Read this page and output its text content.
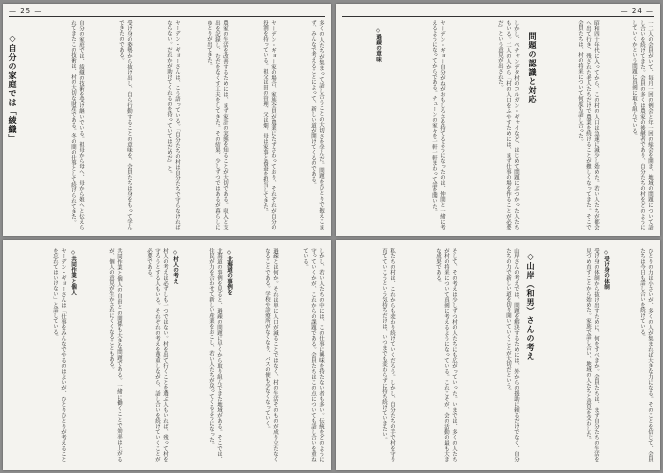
— 25 —
多くの人たちが集まって話し合うことの大切さを学んだ。問題をひとりで抱えこまず、みんなで考えることによって、新しい道が開けてくるのである。
ヤーデン・ギョー家の場合、家族全員が農業にたずさわっており、それぞれが自分の役割を持っている。祖父は田の管理、父は畑、母は家事と養蚕を担当してきた。
農家の生活を改善するためには、まず家計の実態を知ることが大切である。収入と支出を記録し、むだをなくす工夫をしてきた。その結果、少しずつではあるが暮らしにゆとりが出てきた。
ヤーデン・ギョーさんは、こう語っている。「自分たちの村は自分たちで守らなければならない。だれかが助けてくれるのを待っていてはだめだ」と。
受け身の姿勢から抜け出し、自ら行動することの意味を、会員たちは身をもって学んできたのである。
自分の家庭では、綾織の技術を受け継いでいる。祖母から母へ、母から娘へと伝えられてきたこの技術は、村の大切な財産である。冬の間の仕事として続けられてきた。
◇自分の家庭では「綾織」
— 24 —
一二人の会員がいて、毎月一回の例会と年一回の総会を開き、地域の問題について話し合いを続けてきた。会員の多くは農家の後継者であり、自分たちの村をどのようにしていくかという問題に真剣に取り組んでいる。
昭和四十年代に入ってから、この村の人口は急速に減少し始めた。若い人たちが都会へ出て行き、残された老人たちだけで農業を続けることが難しくなってきた。そこで会員たちは、村の将来について何度も話し合った。
問題の認識と対応
しかし、ペチャンデタ村のコルガン・ギャイなど、はじめて問題にぶつかった人たちもいる。二人の人から「村の人口をふやすためには、まず仕事の場を作ることが必要だ」という意見が出された。
ヤーデン・ギョー自分がねがおもしろさを持てるようになったのは、仲間と一緒に考えるようになってからである。チューンの家々を一軒一軒まわって話を聞いた。
◇過疎の意味
しかし、若い人たちの中には、この仕事に興味を持たない者も多い。伝統をどのように守っていくかが、これからの課題である。会員たちはこの点についても話し合いを重ねている。
過疎とは何か。それは単に人口が減ることではなく、村の生活そのものが成り立たなくなることである。学校や診療所がなくなり、バスの便も少なくなっていく。
◇北海道の事例を
北海道の事例を見ると、過疎の問題に早くから取り組んできた地域がある。そこでは、住民が力を合わせて新しい産業をおこし、若い人たちが戻ってくるようになった。
◇村人の考え
村人の考えは必ずしも一つではない。村を出て行くことを選ぶ人もいれば、残って村を守ろうとする人もいる。それぞれの考えを尊重しながら、話し合いを続けていくことが必要である。
共同作業と個人の自由との関係も大きな問題である。一緒に働くことで効率は上がるが、個人の意見が生かされにくくなることもある。
◇共同作業と個人
ヤーデン・ギョーさんは「仕事をみんなでやるのはよいが、ひとりひとりが考えることを忘れてはいけない」と話している。	ひとりの力は小さいが、多くの人が集まれば大きな力になる。そのことを信じて、会員たちは今日も話し合いを続けている。
◇受け身の体制
受け身の体制から抜け出すために、何をすべきか。会員たちは、まず自分たちの生活を見つめ直すことから始めた。家族で話し合い、地域の人たちと意見を交わした。
◇山岸（和男）さんの考え
山岸さんの考えでは、問題を解決するためには、外からの援助に頼るだけでなく、自分たちの力で新しい道を切り開いていくことが大切だという。
そして、その考えは少しずつ村の人たちにも広がっていった。いまでは、多くの人たちが村の将来について真剣に考えるようになっている。これこそが、会の活動の最も大きな成果である。
私たちの村は、これからも変わり続けていくだろう。しかし、自分たちの手で村を守り育てていこうという気持ちだけは、いつまでも変わらずに持ち続けていきたい。
